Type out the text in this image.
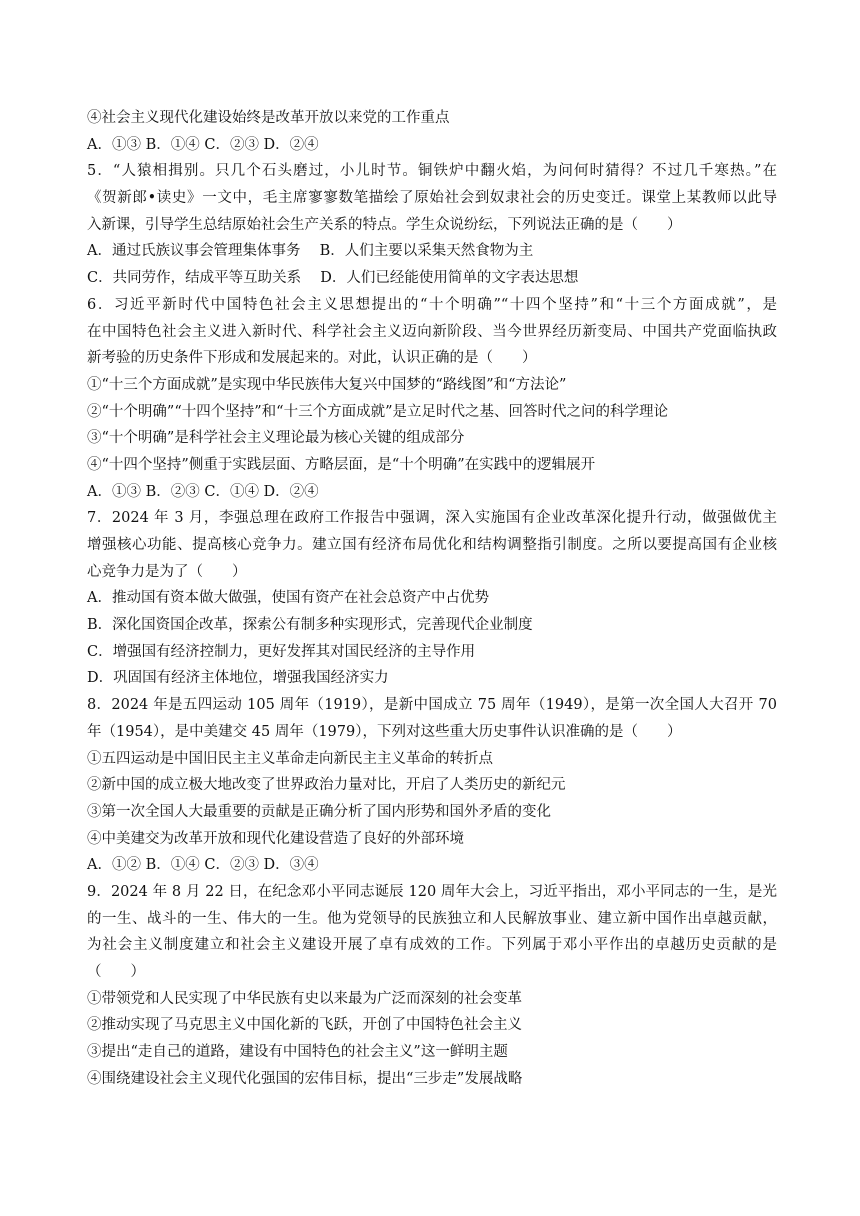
④社会主义现代化建设始终是改革开放以来党的工作重点
A．①③ B．①④ C．②③ D．②④
5．“人猿相揖别。只几个石头磨过，小儿时节。铜铁炉中翻火焰，为问何时猜得？不过几千寒热。”在
《贺新郎•读史》一文中，毛主席寥寥数笔描绘了原始社会到奴隶社会的历史变迁。课堂上某教师以此导
入新课，引导学生总结原始社会生产关系的特点。学生众说纷纭，下列说法正确的是（　　）
A．通过氏族议事会管理集体事务　 B．人们主要以采集天然食物为主
C．共同劳作，结成平等互助关系　 D．人们已经能使用简单的文字表达思想
6．习近平新时代中国特色社会主义思想提出的“十个明确”“十四个坚持”和“十三个方面成就”，是
在中国特色社会主义进入新时代、科学社会主义迈向新阶段、当今世界经历新变局、中国共产党面临执政
新考验的历史条件下形成和发展起来的。对此，认识正确的是（　　）
①“十三个方面成就”是实现中华民族伟大复兴中国梦的“路线图”和“方法论”
②“十个明确”“十四个坚持”和“十三个方面成就”是立足时代之基、回答时代之问的科学理论
③“十个明确”是科学社会主义理论最为核心关键的组成部分
④“十四个坚持”侧重于实践层面、方略层面，是“十个明确”在实践中的逻辑展开
A．①③ B．②③ C．①④ D．②④
7．2024 年 3 月，李强总理在政府工作报告中强调，深入实施国有企业改革深化提升行动，做强做优主
增强核心功能、提高核心竞争力。建立国有经济布局优化和结构调整指引制度。之所以要提高国有企业核
心竞争力是为了（　　）
A．推动国有资本做大做强，使国有资产在社会总资产中占优势
B．深化国资国企改革，探索公有制多种实现形式，完善现代企业制度
C．增强国有经济控制力，更好发挥其对国民经济的主导作用
D．巩固国有经济主体地位，增强我国经济实力
8．2024 年是五四运动 105 周年（1919），是新中国成立 75 周年（1949），是第一次全国人大召开 70
年（1954），是中美建交 45 周年（1979），下列对这些重大历史事件认识准确的是（　　）
①五四运动是中国旧民主主义革命走向新民主主义革命的转折点
②新中国的成立极大地改变了世界政治力量对比，开启了人类历史的新纪元
③第一次全国人大最重要的贡献是正确分析了国内形势和国外矛盾的变化
④中美建交为改革开放和现代化建设营造了良好的外部环境
A．①② B．①④ C．②③ D．③④
9．2024 年 8 月 22 日，在纪念邓小平同志诞辰 120 周年大会上，习近平指出，邓小平同志的一生，是光
的一生、战斗的一生、伟大的一生。他为党领导的民族独立和人民解放事业、建立新中国作出卓越贡献，
为社会主义制度建立和社会主义建设开展了卓有成效的工作。下列属于邓小平作出的卓越历史贡献的是
（　　）
①带领党和人民实现了中华民族有史以来最为广泛而深刻的社会变革
②推动实现了马克思主义中国化新的飞跃，开创了中国特色社会主义
③提出“走自己的道路，建设有中国特色的社会主义”这一鲜明主题
④围绕建设社会主义现代化强国的宏伟目标，提出“三步走”发展战略
